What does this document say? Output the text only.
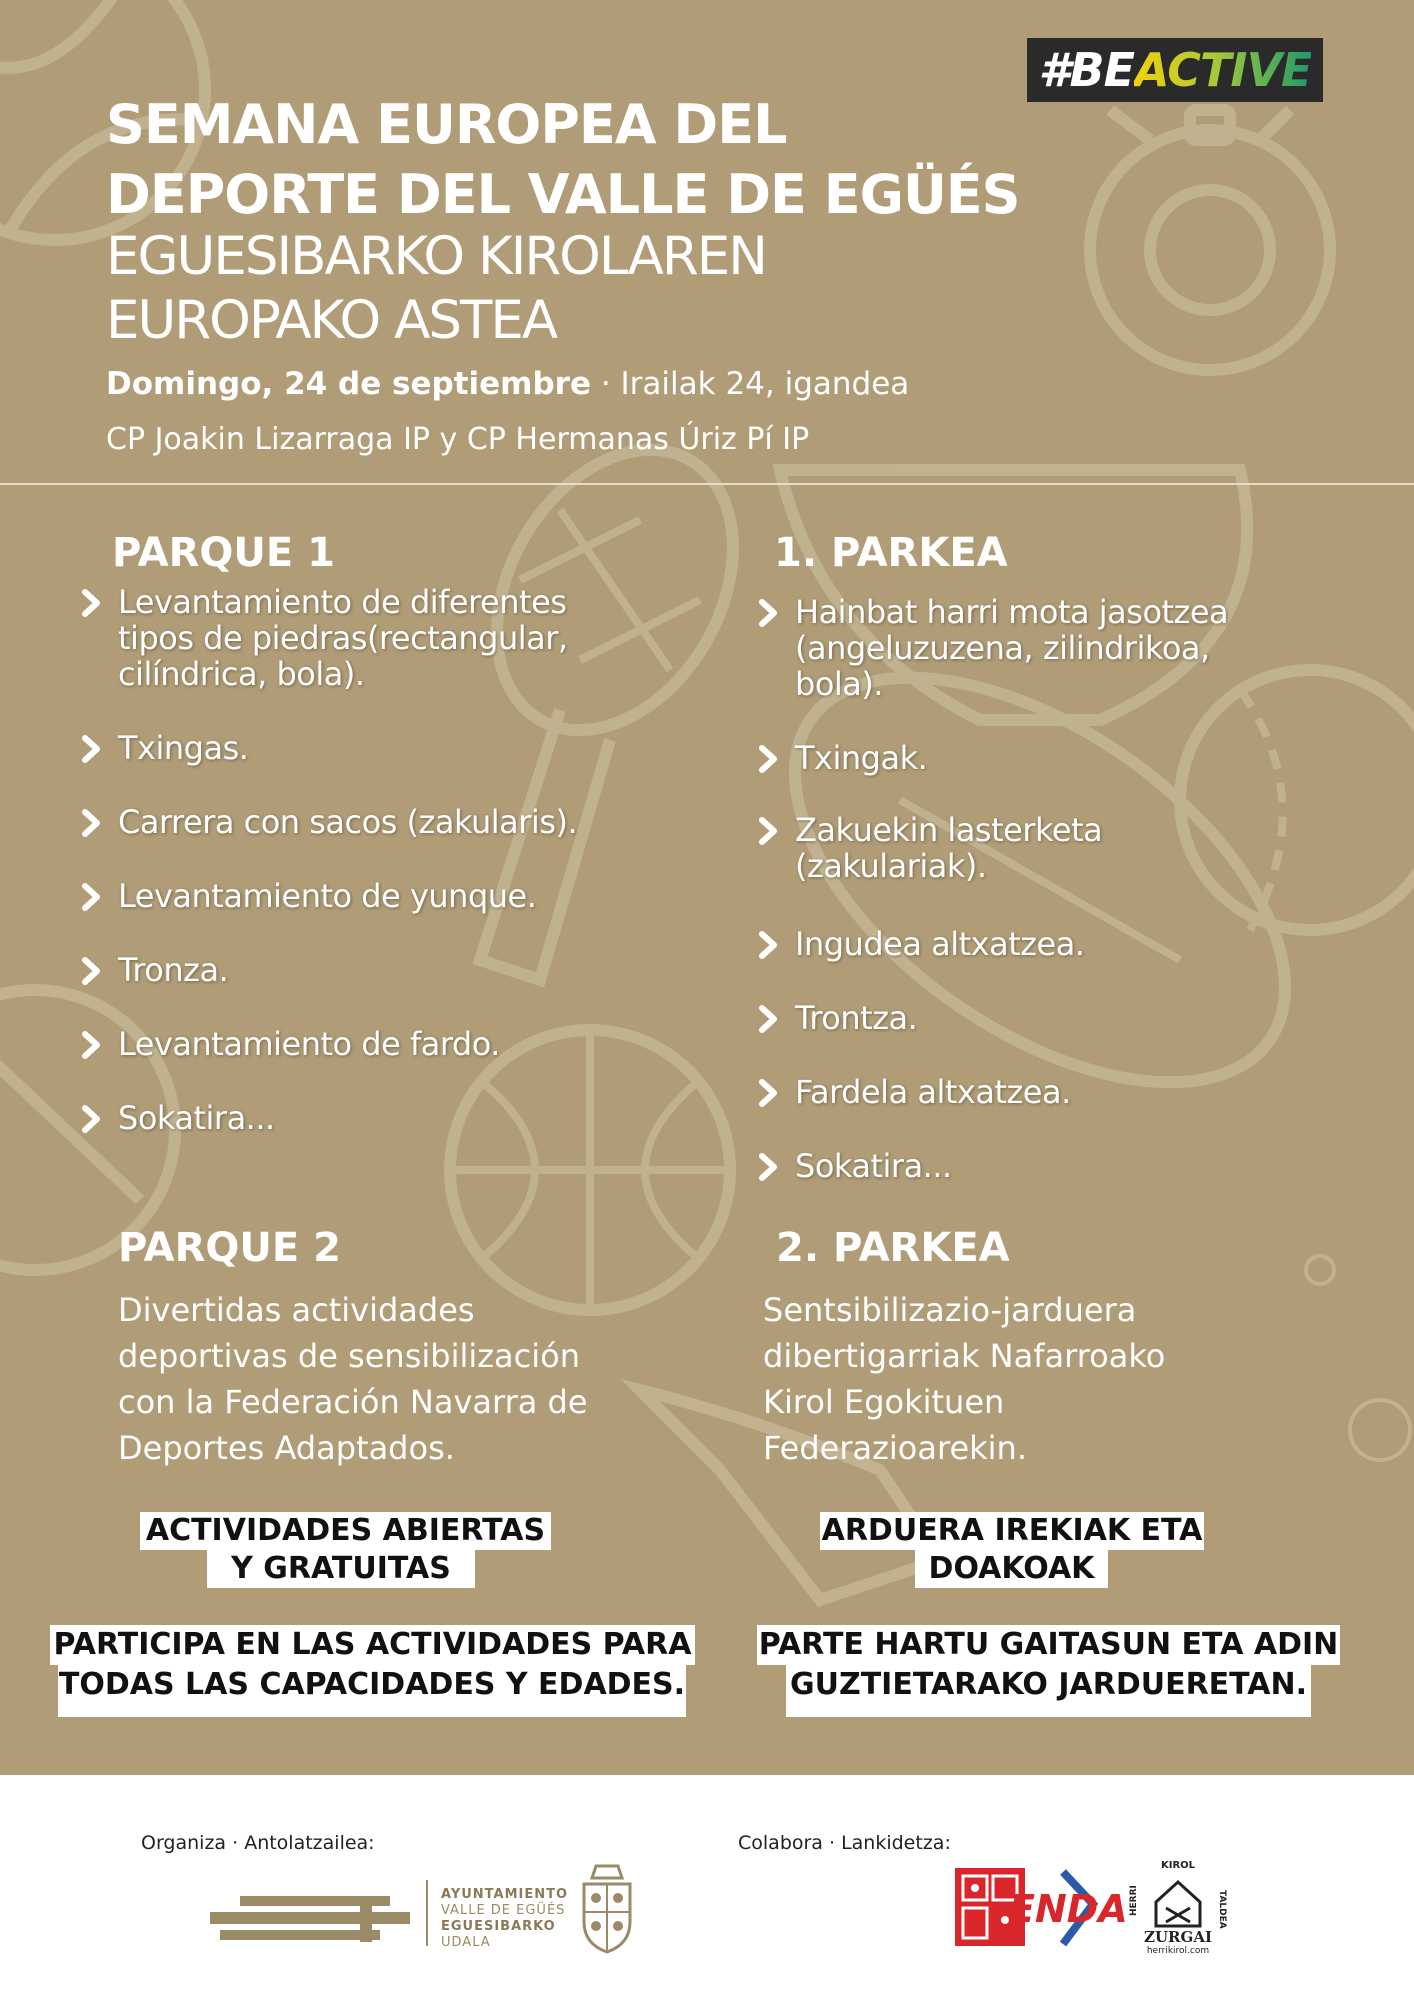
#BEACTIVE
SEMANA EUROPEA DEL
DEPORTE DEL VALLE DE EGÜÉS
EGUESIBARKO KIROLAREN
EUROPAKO ASTEA
Domingo, 24 de septiembre · Irailak 24, igandea
CP Joakin Lizarraga IP y CP Hermanas Úriz Pí IP
PARQUE 1
Levantamiento de diferentes
tipos de piedras(rectangular,
cilíndrica, bola).
Txingas.
Carrera con sacos (zakularis).
Levantamiento de yunque.
Tronza.
Levantamiento de fardo.
Sokatira...
1. PARKEA
Hainbat harri mota jasotzea
(angeluzuzena, zilindrikoa,
bola).
Txingak.
Zakuekin lasterketa
(zakulariak).
Ingudea altxatzea.
Trontza.
Fardela altxatzea.
Sokatira...
PARQUE 2
Divertidas actividades
deportivas de sensibilización
con la Federación Navarra de
Deportes Adaptados.
2. PARKEA
Sentsibilizazio-jarduera
dibertigarriak Nafarroako
Kirol Egokituen
Federazioarekin.
ACTIVIDADES ABIERTAS
Y GRATUITAS
ARDUERA IREKIAK ETA
DOAKOAK
PARTICIPA EN LAS ACTIVIDADES PARA
TODAS LAS CAPACIDADES Y EDADES.
PARTE HARTU GAITASUN ETA ADIN
GUZTIETARAKO JARDUERETAN.
Organiza · Antolatzailea:	Colabora · Lankidetza:
AYUNTAMIENTO
VALLE DE EGÜÉS
EGUESIBARKO
UDALA
ENDA
KIROL
HERRI	TALDEA
ZURGAI
herrikirol.com
